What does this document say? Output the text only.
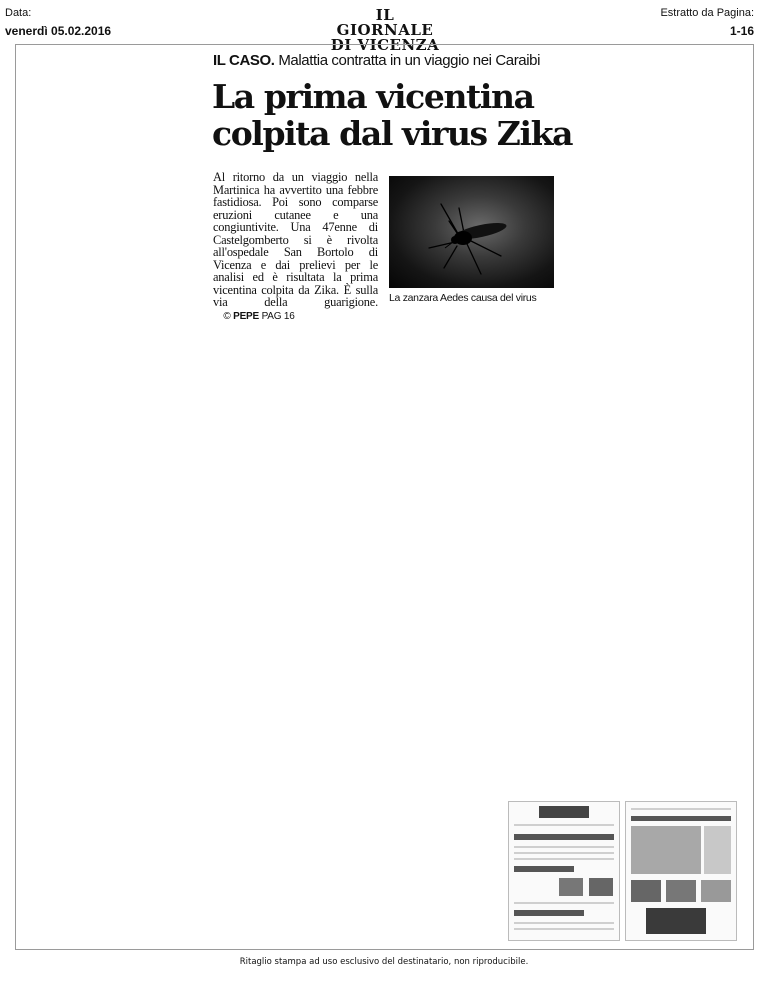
Data:
venerdì 05.02.2016
IL GIORNALE
DI VICENZA
Estratto da Pagina:
1-16
IL CASO. Malattia contratta in un viaggio nei Caraibi
La prima vicentina
colpita dal virus Zika
Al ritorno da un viaggio nella Martinica ha avvertito una febbre fastidiosa. Poi sono comparse eruzioni cutanee e una congiuntivite. Una 47enne di Castelgomberto si è rivolta all'ospedale San Bortolo di Vicenza e dai prelievi per le analisi ed è risultata la prima vicentina colpita da Zika. È sulla via della guarigione.     © PEPE PAG 16
La zanzara Aedes causa del virus
Ritaglio stampa ad uso esclusivo del destinatario, non riproducibile.
